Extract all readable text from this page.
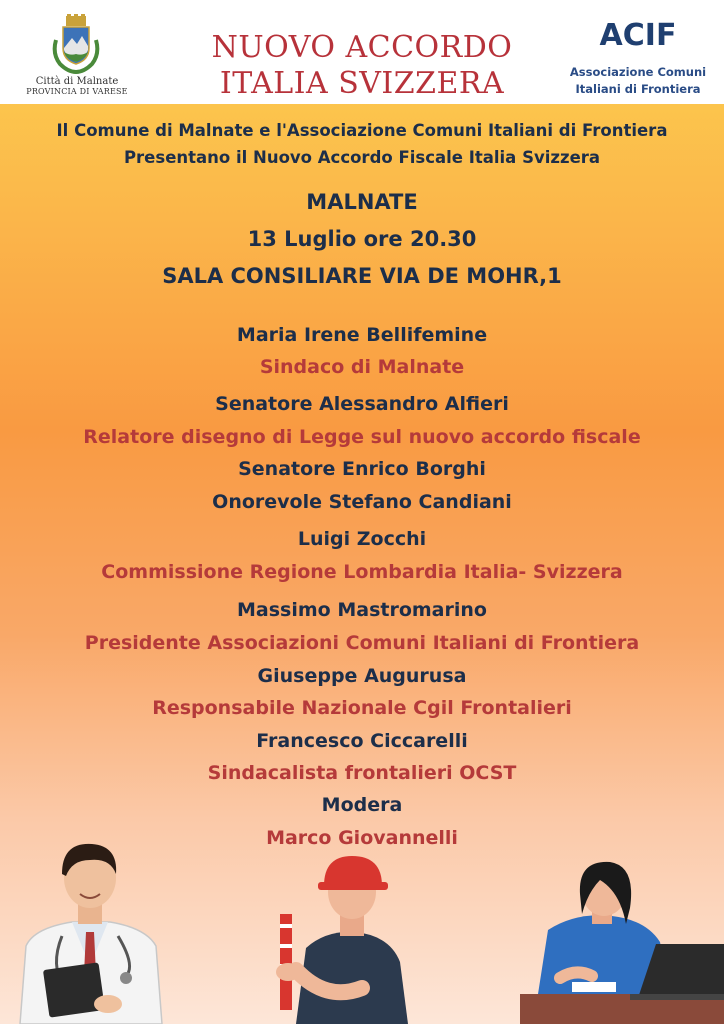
Città di Malnate
PROVINCIA DI VARESE
NUOVO ACCORDO
ITALIA SVIZZERA
ACIF
Associazione Comuni
Italiani di Frontiera
Il Comune di Malnate e l'Associazione Comuni Italiani di Frontiera
Presentano il Nuovo Accordo Fiscale Italia Svizzera
MALNATE
13 Luglio ore 20.30
SALA CONSILIARE VIA DE MOHR,1
Maria Irene Bellifemine
Sindaco di Malnate
Senatore Alessandro Alfieri
Relatore disegno di Legge sul nuovo accordo fiscale
Senatore Enrico Borghi
Onorevole Stefano Candiani
Luigi Zocchi
Commissione Regione Lombardia Italia- Svizzera
Massimo Mastromarino
Presidente Associazioni Comuni Italiani di Frontiera
Giuseppe Augurusa
Responsabile Nazionale Cgil Frontalieri
Francesco Ciccarelli
Sindacalista frontalieri OCST
Modera
Marco Giovannelli
